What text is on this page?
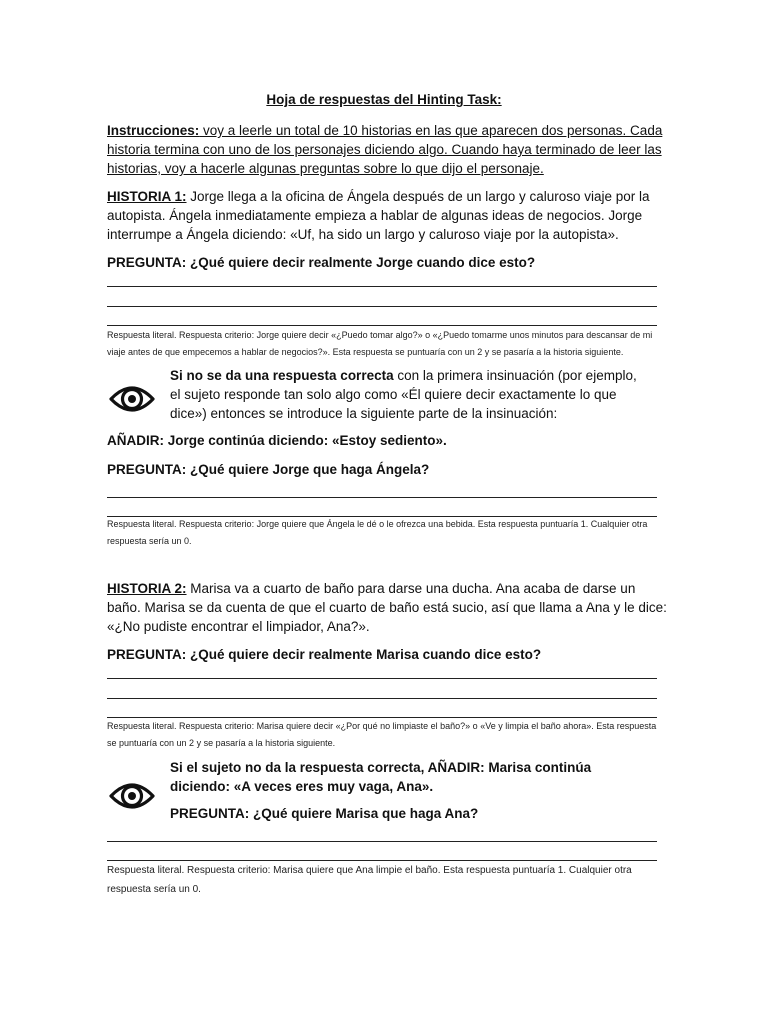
Hoja de respuestas del Hinting Task:
Instrucciones: voy a leerle un total de 10 historias en las que aparecen dos personas. Cada historia termina con uno de los personajes diciendo algo. Cuando haya terminado de leer las historias, voy a hacerle algunas preguntas sobre lo que dijo el personaje.
HISTORIA 1: Jorge llega a la oficina de Ángela después de un largo y caluroso viaje por la autopista. Ángela inmediatamente empieza a hablar de algunas ideas de negocios. Jorge interrumpe a Ángela diciendo: «Uf, ha sido un largo y caluroso viaje por la autopista».
PREGUNTA: ¿Qué quiere decir realmente Jorge cuando dice esto?
Respuesta literal. Respuesta criterio: Jorge quiere decir «¿Puedo tomar algo?» o «¿Puedo tomarme unos minutos para descansar de mi viaje antes de que empecemos a hablar de negocios?». Esta respuesta se puntuaría con un 2 y se pasaría a la historia siguiente.
Si no se da una respuesta correcta con la primera insinuación (por ejemplo, el sujeto responde tan solo algo como «Él quiere decir exactamente lo que dice») entonces se introduce la siguiente parte de la insinuación:
AÑADIR: Jorge continúa diciendo: «Estoy sediento».
PREGUNTA: ¿Qué quiere Jorge que haga Ángela?
Respuesta literal. Respuesta criterio: Jorge quiere que Ángela le dé o le ofrezca una bebida. Esta respuesta puntuaría 1. Cualquier otra respuesta sería un 0.
HISTORIA 2: Marisa va a cuarto de baño para darse una ducha. Ana acaba de darse un baño. Marisa se da cuenta de que el cuarto de baño está sucio, así que llama a Ana y le dice: «¿No pudiste encontrar el limpiador, Ana?».
PREGUNTA: ¿Qué quiere decir realmente Marisa cuando dice esto?
Respuesta literal. Respuesta criterio: Marisa quiere decir «¿Por qué no limpiaste el baño?» o «Ve y limpia el baño ahora». Esta respuesta se puntuaría con un 2 y se pasaría a la historia siguiente.
Si el sujeto no da la respuesta correcta, AÑADIR: Marisa continúa diciendo: «A veces eres muy vaga, Ana».
PREGUNTA: ¿Qué quiere Marisa que haga Ana?
Respuesta literal. Respuesta criterio: Marisa quiere que Ana limpie el baño. Esta respuesta puntuaría 1. Cualquier otra respuesta sería un 0.
